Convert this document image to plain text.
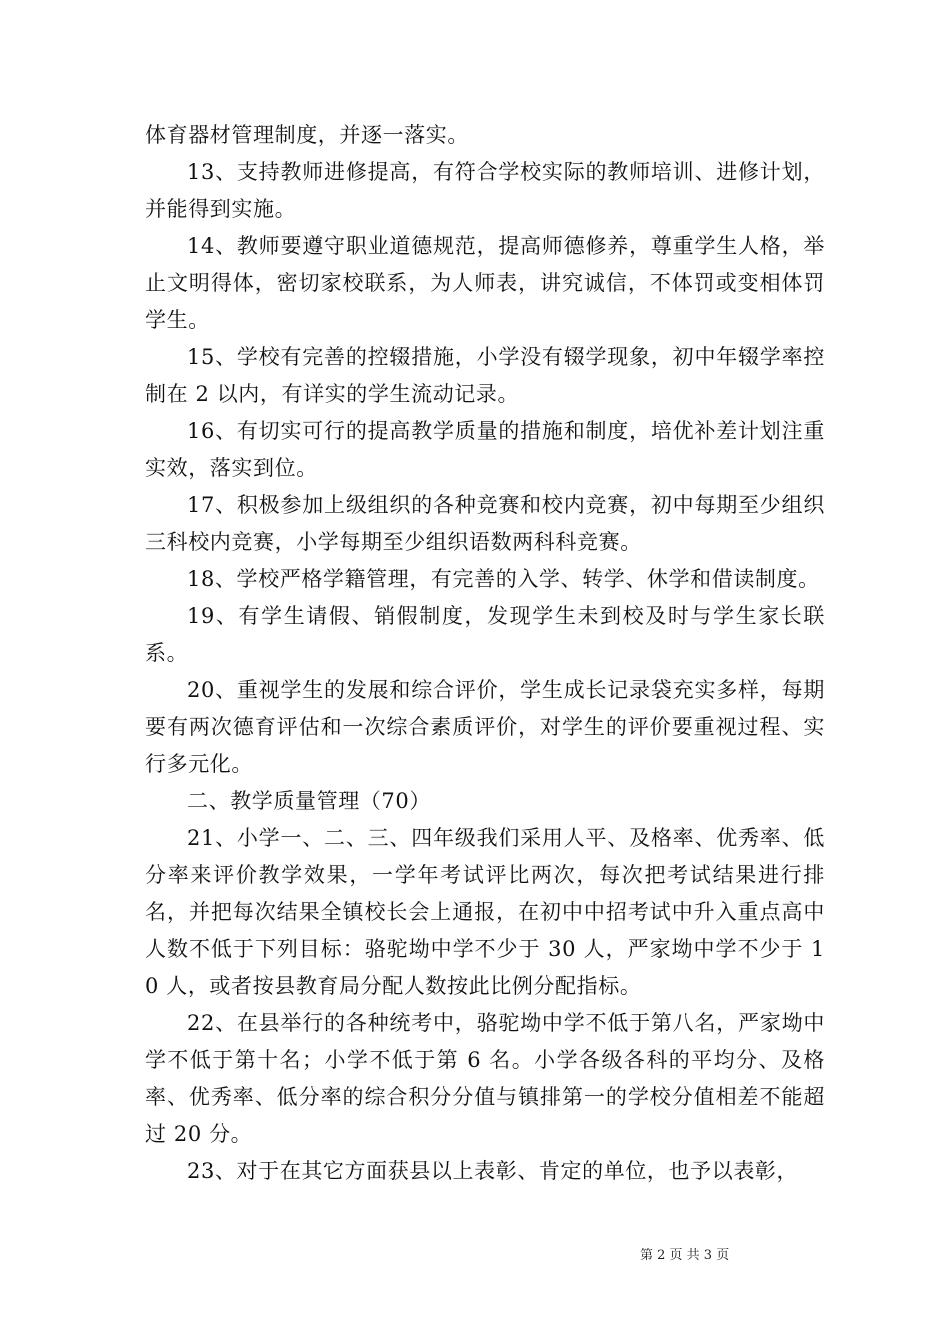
体育器材管理制度，并逐一落实。

13、支持教师进修提高，有符合学校实际的教师培训、进修计划，并能得到实施。

14、教师要遵守职业道德规范，提高师德修养，尊重学生人格，举止文明得体，密切家校联系，为人师表，讲究诚信，不体罚或变相体罚学生。

15、学校有完善的控辍措施，小学没有辍学现象，初中年辍学率控制在 2 以内，有详实的学生流动记录。

16、有切实可行的提高教学质量的措施和制度，培优补差计划注重实效，落实到位。

17、积极参加上级组织的各种竞赛和校内竞赛，初中每期至少组织三科校内竞赛，小学每期至少组织语数两科科竞赛。

18、学校严格学籍管理，有完善的入学、转学、休学和借读制度。

19、有学生请假、销假制度，发现学生未到校及时与学生家长联系。

20、重视学生的发展和综合评价，学生成长记录袋充实多样，每期要有两次德育评估和一次综合素质评价，对学生的评价要重视过程、实行多元化。

二、教学质量管理（70）

21、小学一、二、三、四年级我们采用人平、及格率、优秀率、低分率来评价教学效果，一学年考试评比两次，每次把考试结果进行排名，并把每次结果全镇校长会上通报，在初中中招考试中升入重点高中人数不低于下列目标：骆驼坳中学不少于 30 人，严家坳中学不少于 10 人，或者按县教育局分配人数按此比例分配指标。

22、在县举行的各种统考中，骆驼坳中学不低于第八名，严家坳中学不低于第十名；小学不低于第 6 名。小学各级各科的平均分、及格率、优秀率、低分率的综合积分分值与镇排第一的学校分值相差不能超过 20 分。

23、对于在其它方面获县以上表彰、肯定的单位，也予以表彰，

第 2 页 共 3 页
